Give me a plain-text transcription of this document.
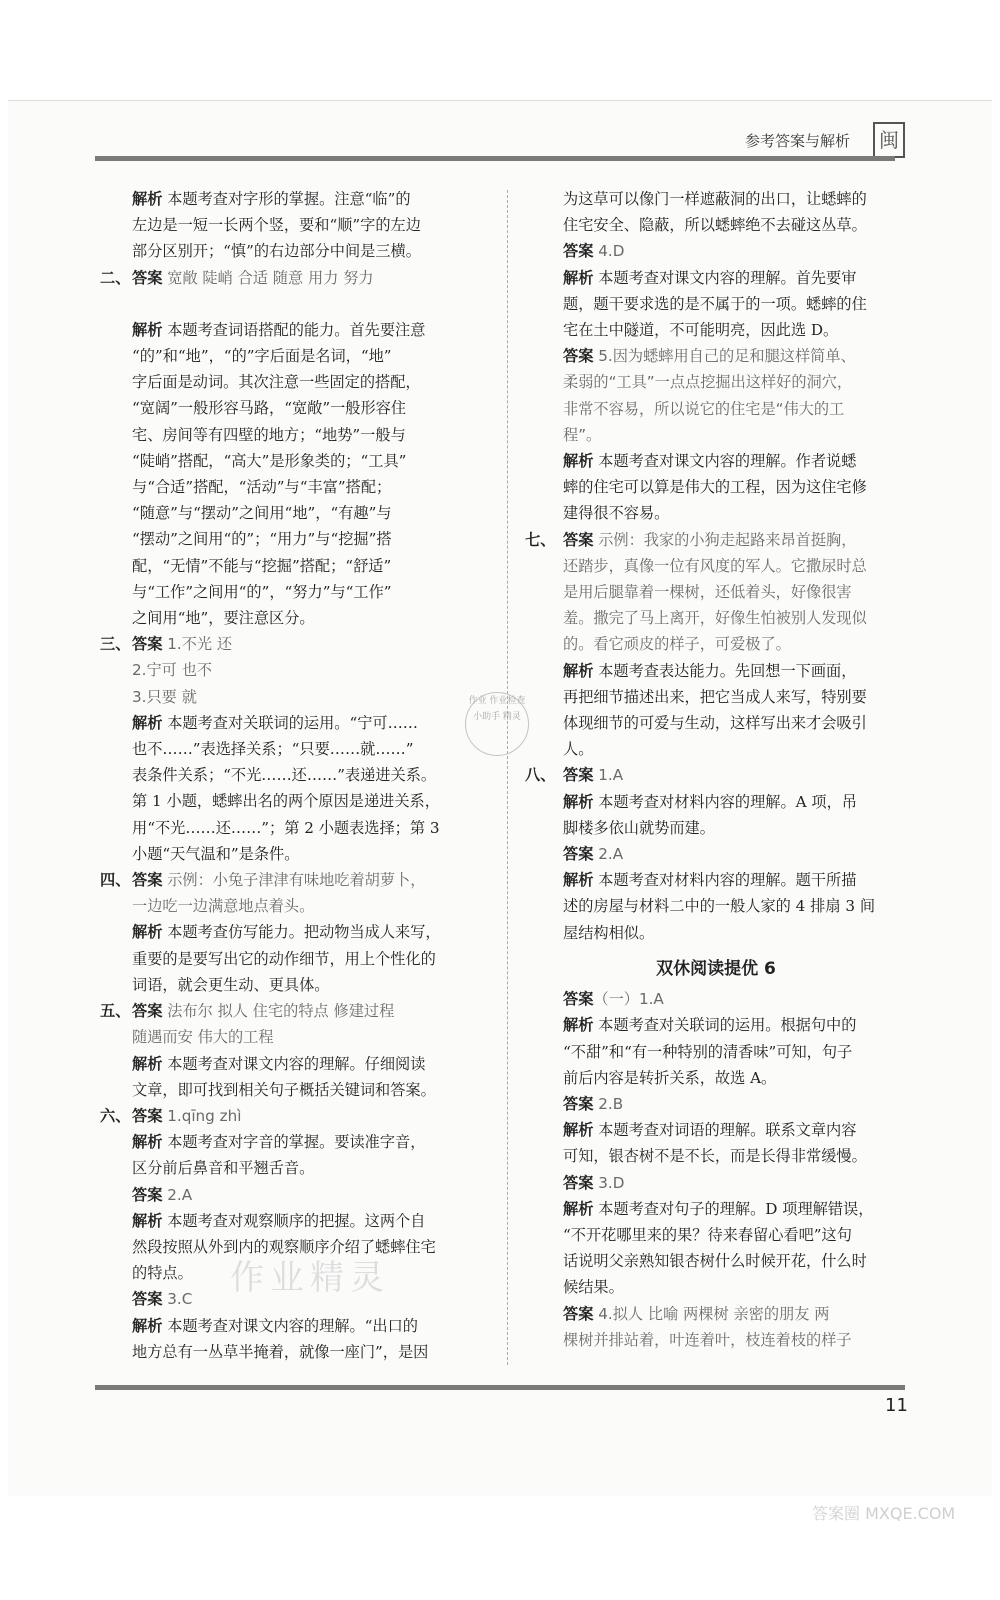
参考答案与解析	闽
解析 本题考查对字形的掌握。注意“临”的
左边是一短一长两个竖，要和“顺”字的左边
部分区别开；“慎”的右边部分中间是三横。
二、 答案 宽敞 陡峭 合适 随意 用力 努力
解析 本题考查词语搭配的能力。首先要注意
“的”和“地”，“的”字后面是名词，“地”
字后面是动词。其次注意一些固定的搭配，
“宽阔”一般形容马路，“宽敞”一般形容住
宅、房间等有四壁的地方；“地势”一般与
“陡峭”搭配，“高大”是形象类的；“工具”
与“合适”搭配，“活动”与“丰富”搭配；
“随意”与“摆动”之间用“地”，“有趣”与
“摆动”之间用“的”；“用力”与“挖掘”搭
配，“无情”不能与“挖掘”搭配；“舒适”
与“工作”之间用“的”，“努力”与“工作”
之间用“地”，要注意区分。
三、 答案 1.不光 还
2.宁可 也不
3.只要 就
解析 本题考查对关联词的运用。“宁可……
也不……”表选择关系；“只要……就……”
表条件关系；“不光……还……”表递进关系。
第 1 小题，蟋蟀出名的两个原因是递进关系，
用“不光……还……”；第 2 小题表选择；第 3
小题“天气温和”是条件。
四、 答案 示例：小兔子津津有味地吃着胡萝卜，
一边吃一边满意地点着头。
解析 本题考查仿写能力。把动物当成人来写，
重要的是要写出它的动作细节，用上个性化的
词语，就会更生动、更具体。
五、 答案 法布尔 拟人 住宅的特点 修建过程
随遇而安 伟大的工程
解析 本题考查对课文内容的理解。仔细阅读
文章，即可找到相关句子概括关键词和答案。
六、 答案 1.qīng zhì
解析 本题考查对字音的掌握。要读准字音，
区分前后鼻音和平翘舌音。
答案 2.A
解析 本题考查对观察顺序的把握。这两个自
然段按照从外到内的观察顺序介绍了蟋蟀住宅
的特点。
答案 3.C
解析 本题考查对课文内容的理解。“出口的
地方总有一丛草半掩着，就像一座门”，是因
为这草可以像门一样遮蔽洞的出口，让蟋蟀的
住宅安全、隐蔽，所以蟋蟀绝不去碰这丛草。
答案 4.D
解析 本题考查对课文内容的理解。首先要审
题，题干要求选的是不属于的一项。蟋蟀的住
宅在土中隧道，不可能明亮，因此选 D。
答案 5.因为蟋蟀用自己的足和腿这样简单、
柔弱的“工具”一点点挖掘出这样好的洞穴，
非常不容易，所以说它的住宅是“伟大的工
程”。
解析 本题考查对课文内容的理解。作者说蟋
蟀的住宅可以算是伟大的工程，因为这住宅修
建得很不容易。
七、 答案 示例：我家的小狗走起路来昂首挺胸，
还踏步，真像一位有风度的军人。它撒尿时总
是用后腿靠着一棵树，还低着头，好像很害
羞。撒完了马上离开，好像生怕被别人发现似
的。看它顽皮的样子，可爱极了。
解析 本题考查表达能力。先回想一下画面，
再把细节描述出来，把它当成人来写，特别要
体现细节的可爱与生动，这样写出来才会吸引
人。
八、 答案 1.A
解析 本题考查对材料内容的理解。A 项，吊
脚楼多依山就势而建。
答案 2.A
解析 本题考查对材料内容的理解。题干所描
述的房屋与材料二中的一般人家的 4 排扇 3 间
屋结构相似。
双休阅读提优 6
答案（一）1.A
解析 本题考查对关联词的运用。根据句中的
“不甜”和“有一种特别的清香味”可知，句子
前后内容是转折关系，故选 A。
答案 2.B
解析 本题考查对词语的理解。联系文章内容
可知，银杏树不是不长，而是长得非常缓慢。
答案 3.D
解析 本题考查对句子的理解。D 项理解错误，
“不开花哪里来的果？待来春留心看吧”这句
话说明父亲熟知银杏树什么时候开花，什么时
候结果。
答案 4.拟人 比喻 两棵树 亲密的朋友 两
棵树并排站着，叶连着叶，枝连着枝的样子
作业 作业检查小助手 精灵
作业精灵
答案圈 MXQE.COM
11
